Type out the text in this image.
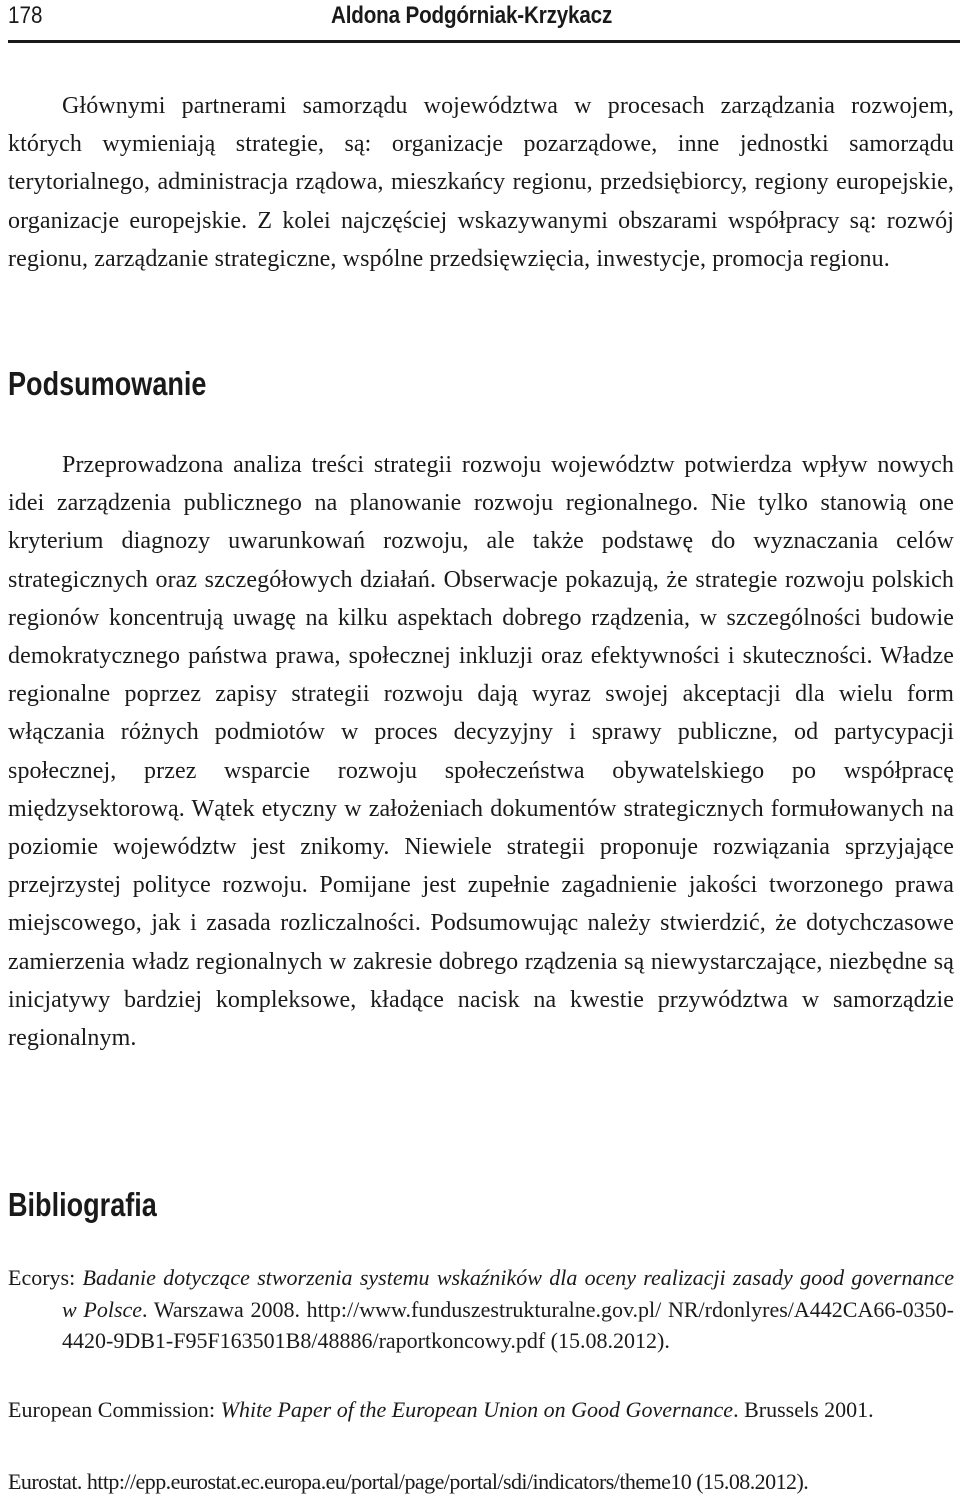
178	Aldona Podgórniak-Krzykacz

Głównymi partnerami samorządu województwa w procesach zarządzania rozwojem, których wymieniają strategie, są: organizacje pozarządowe, inne jednostki samorządu terytorialnego, administracja rządowa, mieszkańcy regionu, przedsiębiorcy, regiony europejskie, organizacje europejskie. Z kolei najczęściej wskazywanymi obszarami współpracy są: rozwój regionu, zarządzanie strategiczne, wspólne przedsięwzięcia, inwestycje, promocja regionu.

Podsumowanie

Przeprowadzona analiza treści strategii rozwoju województw potwierdza wpływ nowych idei zarządzenia publicznego na planowanie rozwoju regionalnego. Nie tylko stanowią one kryterium diagnozy uwarunkowań rozwoju, ale także podstawę do wyznaczania celów strategicznych oraz szczegółowych działań. Obserwacje pokazują, że strategie rozwoju polskich regionów koncentrują uwagę na kilku aspektach dobrego rządzenia, w szczególności budowie demokratycznego państwa prawa, społecznej inkluzji oraz efektywności i skuteczności. Władze regionalne poprzez zapisy strategii rozwoju dają wyraz swojej akceptacji dla wielu form włączania różnych podmiotów w proces decyzyjny i sprawy publiczne, od partycypacji społecznej, przez wsparcie rozwoju społeczeństwa obywatelskiego po współpracę międzysektorową. Wątek etyczny w założeniach dokumentów strategicznych formułowanych na poziomie województw jest znikomy. Niewiele strategii proponuje rozwiązania sprzyjające przejrzystej polityce rozwoju. Pomijane jest zupełnie zagadnienie jakości tworzonego prawa miejscowego, jak i zasada rozliczalności. Podsumowując należy stwierdzić, że dotychczasowe zamierzenia władz regionalnych w zakresie dobrego rządzenia są niewystarczające, niezbędne są inicjatywy bardziej kompleksowe, kładące nacisk na kwestie przywództwa w samorządzie regionalnym.

Bibliografia

Ecorys: Badanie dotyczące stworzenia systemu wskaźników dla oceny realizacji zasady good governance w Polsce. Warszawa 2008. http://www.funduszestrukturalne.gov.pl/ NR/rdonlyres/A442CA66-0350-4420-9DB1-F95F163501B8/48886/raportkoncowy.pdf (15.08.2012).

European Commission: White Paper of the European Union on Good Governance. Brussels 2001.

Eurostat. http://epp.eurostat.ec.europa.eu/portal/page/portal/sdi/indicators/theme10 (15.08.2012).
